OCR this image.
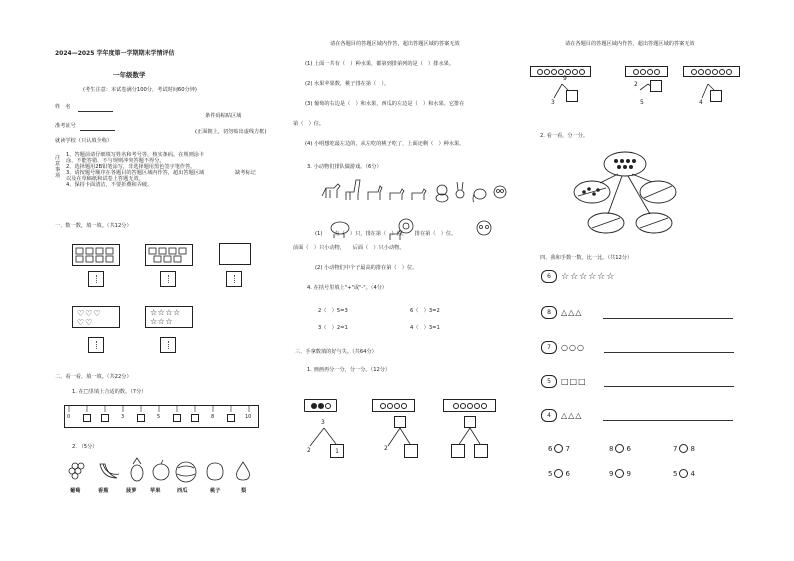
2024—2025 学年度第一学期期末学情评估
一年级数学
(考生注意：本试卷满分100分，考试时间60分钟)
姓　名
准考证号
就读学校（只认填全称）
条件码粘贴区域
(正面朝上，切勿贴出虚线方框)
注意事项
1、答题前请仔细填写姓名和考号等，核实条码。在规则涂卡
涂，不能答错、不与规则冲突答题不得分。
2、选择题用2B铅笔涂写，非选择题用黑色签字笔作答。
3、请按题号顺序在各题目的答题区域内作答，超出答题区域
以及在草稿纸和试卷上答题无效。
4、保持卡面清洁，不要折叠和弄破。
缺考标记
一、数一数，填一填。（共12分）
♡♡♡
♡♡
☆☆☆☆
☆☆☆
二、看一看，填一填。（共22分）
1. 在□里填上合适的数。（7分）
0	3	5	8	10
2. （5分）
葡萄	香蕉	菠萝	苹果	西瓜	桃子	梨
请在各题目的答题区域内作答，超出答题区域的答案无效
(1) 上面一共有（　）种水果，都第到排第列的是（　）排水果。
(2) 水果苹果数，桃子排在第（　）。
(3) 葡萄的右边是（　）和水果，西瓜的左边是（　）和水果。它排在
第（　）位。
(4) 小明想吃最左边的，从左吃的桃子吃了，上面还剩（　）种水果。
3. 小动物们排队做游戏。（6分）
(1) 　　有（　）只，排在第（　）位。　　排在第（　）位。
前面（　）只小动物，　　后面（　）只小动物。
(2) 小动物们中个子最高的排在第（　）位。
4. 在括号里填上"+"或"-"。（4分）
2（　）5=3	6（　）3=2
3（　）2=1	4（　）3=1
三、手拿数填的好与失。（共64分）
1. 画画再分一分，分一分。（12分）
3
2	1	2
请在各题目的答题区域内作答，超出答题区域的答案无效
9
3
2
5	4
2. 看一看，分一分。
四、我和手数一数，比一比。（共12分）
6	☆☆☆☆☆☆
8	△△△
7	○○○
5	□□□
4	△△△
6 7	8 6	7 8
5 6	9 9	5 4
